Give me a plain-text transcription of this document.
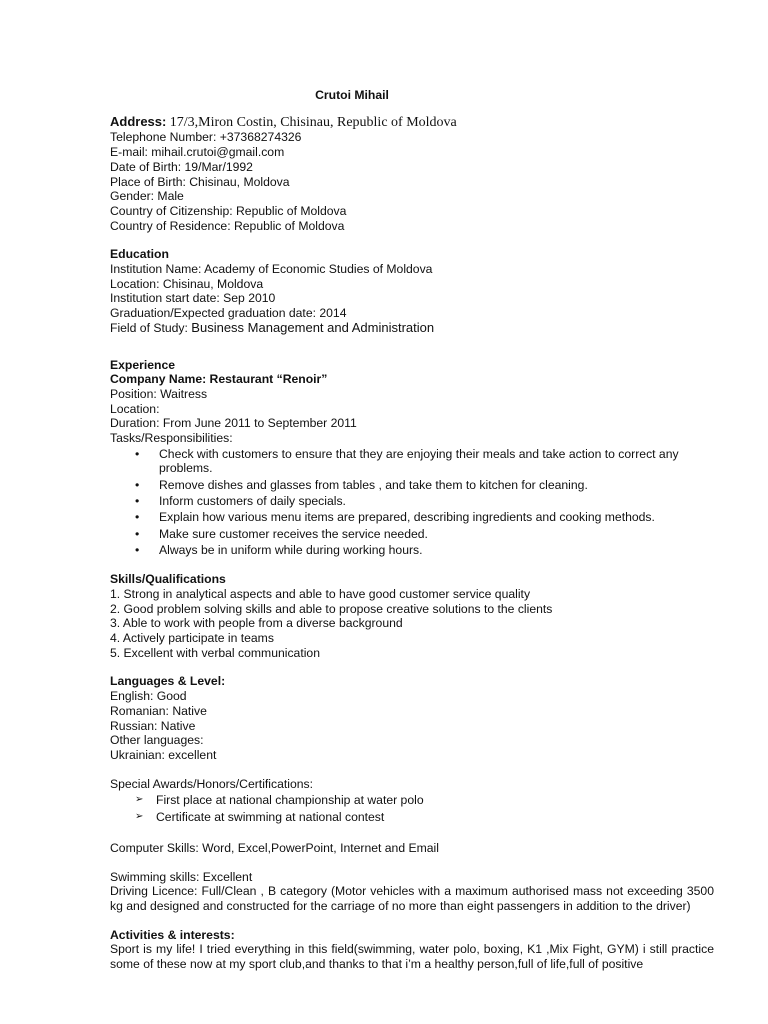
Crutoi Mihail
Address: 17/3,Miron Costin, Chisinau, Republic of Moldova
Telephone Number: +37368274326
E-mail: mihail.crutoi@gmail.com
Date of Birth: 19/Mar/1992
Place of Birth: Chisinau, Moldova
Gender: Male
Country of Citizenship: Republic of Moldova
Country of Residence: Republic of Moldova
Education
Institution Name: Academy of Economic Studies of Moldova
Location: Chisinau, Moldova
Institution start date: Sep 2010
Graduation/Expected graduation date: 2014
Field of Study: Business Management and Administration
Experience
Company Name: Restaurant “Renoir”
Position: Waitress
Location:
Duration: From June 2011 to September 2011
Tasks/Responsibilities:
• Check with customers to ensure that they are enjoying their meals and take action to correct any problems.
• Remove dishes and glasses from tables , and take them to kitchen for cleaning.
• Inform customers of daily specials.
• Explain how various menu items are prepared, describing ingredients and cooking methods.
• Make sure customer receives the service needed.
• Always be in uniform while during working hours.
Skills/Qualifications
1. Strong in analytical aspects and able to have good customer service quality
2. Good problem solving skills and able to propose creative solutions to the clients
3. Able to work with people from a diverse background
4. Actively participate in teams
5. Excellent with verbal communication
Languages & Level:
English: Good
Romanian: Native
Russian: Native
Other languages:
Ukrainian: excellent
Special Awards/Honors/Certifications:
➢ First place at national championship at water polo
➢ Certificate at swimming at national contest
Computer Skills: Word, Excel,PowerPoint, Internet and Email
Swimming skills: Excellent
Driving Licence: Full/Clean , B category (Motor vehicles with a maximum authorised mass not exceeding 3500 kg and designed and constructed for the carriage of no more than eight passengers in addition to the driver)
Activities & interests:
Sport is my life! I tried everything in this field(swimming, water polo, boxing, K1 ,Mix Fight, GYM) i still practice some of these now at my sport club,and thanks to that i’m a healthy person,full of life,full of positive
